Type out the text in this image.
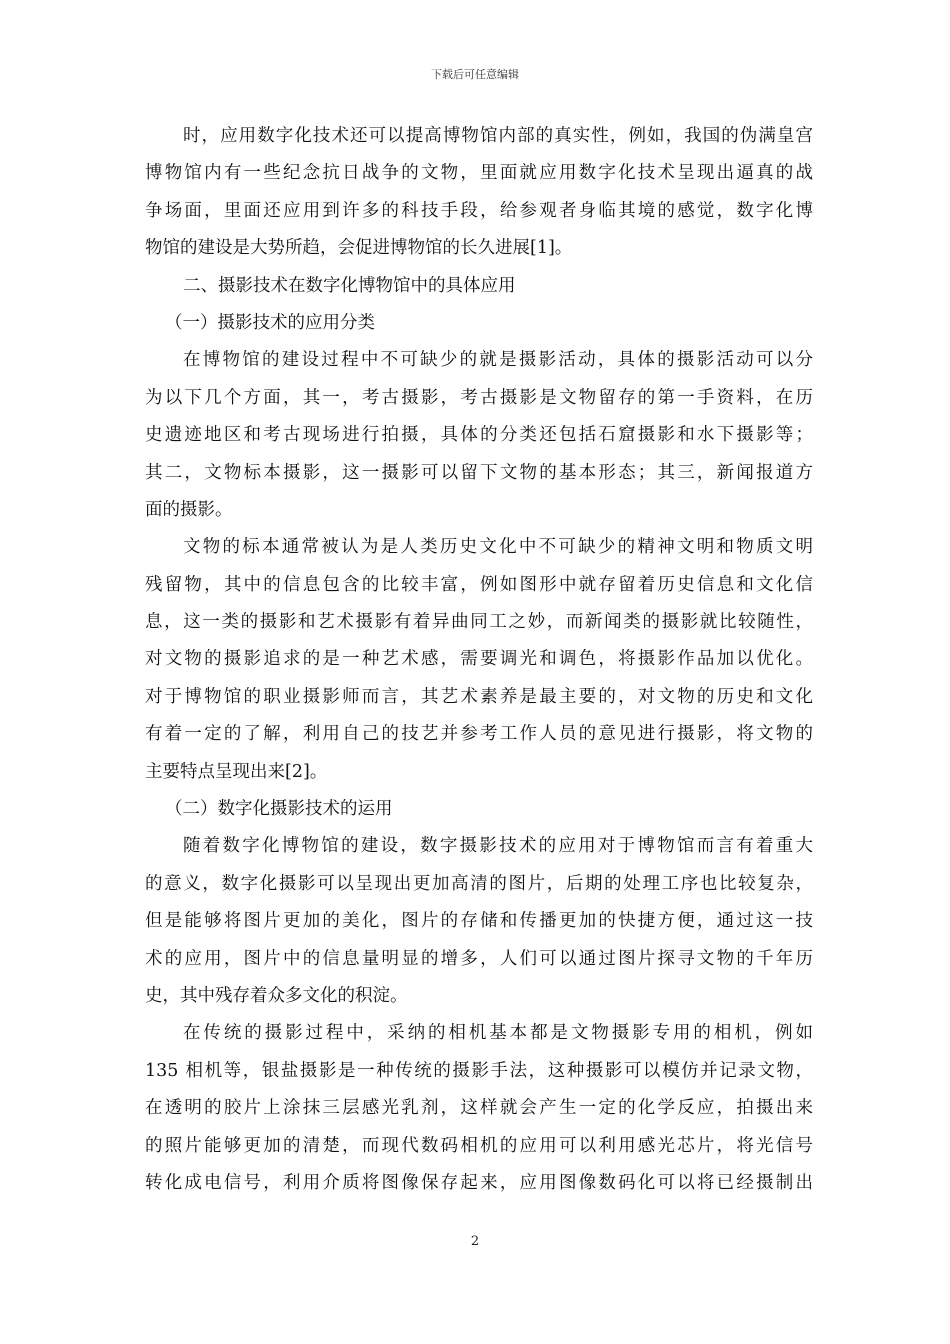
下载后可任意编辑
时，应用数字化技术还可以提高博物馆内部的真实性，例如，我国的伪满皇宫
博物馆内有一些纪念抗日战争的文物，里面就应用数字化技术呈现出逼真的战
争场面，里面还应用到许多的科技手段，给参观者身临其境的感觉，数字化博
物馆的建设是大势所趋，会促进博物馆的长久进展[1]。
二、摄影技术在数字化博物馆中的具体应用
（一）摄影技术的应用分类
在博物馆的建设过程中不可缺少的就是摄影活动，具体的摄影活动可以分
为以下几个方面，其一，考古摄影，考古摄影是文物留存的第一手资料，在历
史遗迹地区和考古现场进行拍摄，具体的分类还包括石窟摄影和水下摄影等；
其二，文物标本摄影，这一摄影可以留下文物的基本形态；其三，新闻报道方
面的摄影。
文物的标本通常被认为是人类历史文化中不可缺少的精神文明和物质文明
残留物，其中的信息包含的比较丰富，例如图形中就存留着历史信息和文化信
息，这一类的摄影和艺术摄影有着异曲同工之妙，而新闻类的摄影就比较随性，
对文物的摄影追求的是一种艺术感，需要调光和调色，将摄影作品加以优化。
对于博物馆的职业摄影师而言，其艺术素养是最主要的，对文物的历史和文化
有着一定的了解，利用自己的技艺并参考工作人员的意见进行摄影，将文物的
主要特点呈现出来[2]。
（二）数字化摄影技术的运用
随着数字化博物馆的建设，数字摄影技术的应用对于博物馆而言有着重大
的意义，数字化摄影可以呈现出更加高清的图片，后期的处理工序也比较复杂，
但是能够将图片更加的美化，图片的存储和传播更加的快捷方便，通过这一技
术的应用，图片中的信息量明显的增多，人们可以通过图片探寻文物的千年历
史，其中残存着众多文化的积淀。
在传统的摄影过程中，采纳的相机基本都是文物摄影专用的相机，例如
135 相机等，银盐摄影是一种传统的摄影手法，这种摄影可以模仿并记录文物，
在透明的胶片上涂抹三层感光乳剂，这样就会产生一定的化学反应，拍摄出来
的照片能够更加的清楚，而现代数码相机的应用可以利用感光芯片，将光信号
转化成电信号，利用介质将图像保存起来，应用图像数码化可以将已经摄制出
2
